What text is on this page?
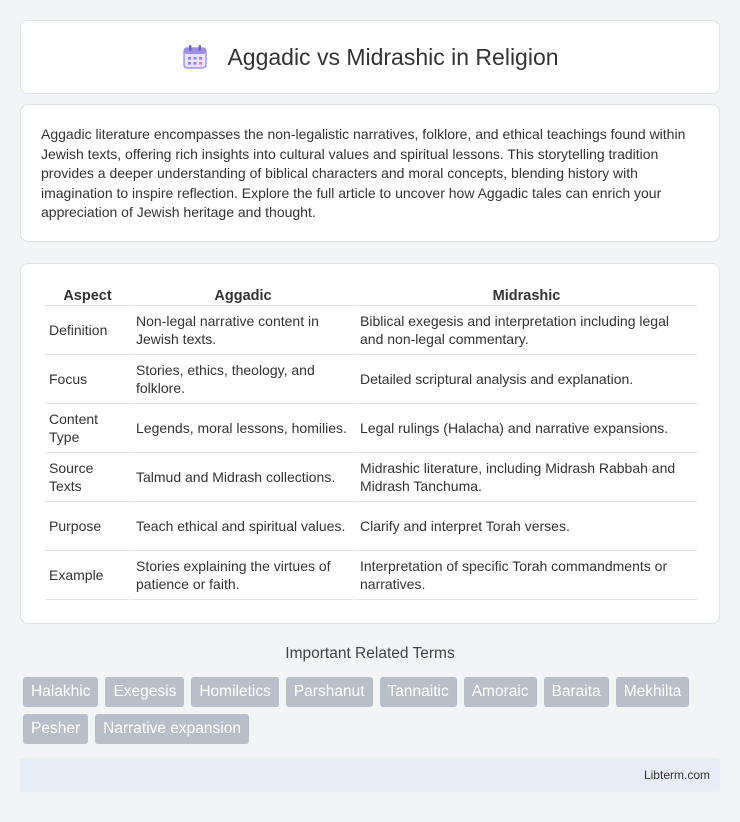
Aggadic vs Midrashic in Religion

Aggadic literature encompasses the non-legalistic narratives, folklore, and ethical teachings found within Jewish texts, offering rich insights into cultural values and spiritual lessons. This storytelling tradition provides a deeper understanding of biblical characters and moral concepts, blending history with imagination to inspire reflection. Explore the full article to uncover how Aggadic tales can enrich your appreciation of Jewish heritage and thought.

Aspect	Aggadic	Midrashic
Definition	Non-legal narrative content in Jewish texts.	Biblical exegesis and interpretation including legal and non-legal commentary.
Focus	Stories, ethics, theology, and folklore.	Detailed scriptural analysis and explanation.
Content Type	Legends, moral lessons, homilies.	Legal rulings (Halacha) and narrative expansions.
Source Texts	Talmud and Midrash collections.	Midrashic literature, including Midrash Rabbah and Midrash Tanchuma.
Purpose	Teach ethical and spiritual values.	Clarify and interpret Torah verses.
Example	Stories explaining the virtues of patience or faith.	Interpretation of specific Torah commandments or narratives.
Important Related Terms
Halakhic	Exegesis	Homiletics	Parshanut	Tannaitic	Amoraic	Baraita	Mekhilta
Pesher	Narrative expansion
Libterm.com
